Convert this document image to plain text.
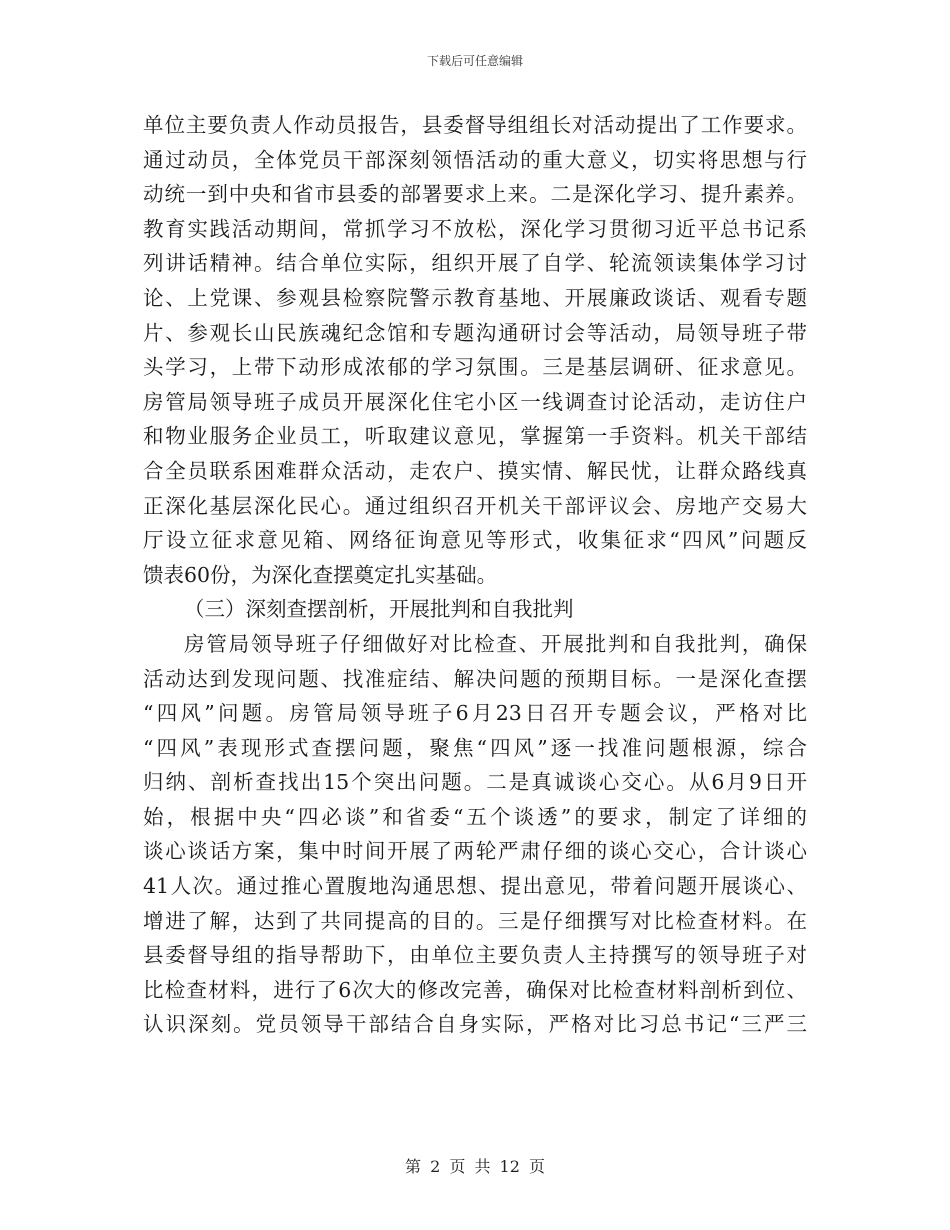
下载后可任意编辑
单位主要负责人作动员报告，县委督导组组长对活动提出了工作要求。
通过动员，全体党员干部深刻领悟活动的重大意义，切实将思想与行
动统一到中央和省市县委的部署要求上来。二是深化学习、提升素养。
教育实践活动期间，常抓学习不放松，深化学习贯彻习近平总书记系
列讲话精神。结合单位实际，组织开展了自学、轮流领读集体学习讨
论、上党课、参观县检察院警示教育基地、开展廉政谈话、观看专题
片、参观长山民族魂纪念馆和专题沟通研讨会等活动，局领导班子带
头学习，上带下动形成浓郁的学习氛围。三是基层调研、征求意见。
房管局领导班子成员开展深化住宅小区一线调查讨论活动，走访住户
和物业服务企业员工，听取建议意见，掌握第一手资料。机关干部结
合全员联系困难群众活动，走农户、摸实情、解民忧，让群众路线真
正深化基层深化民心。通过组织召开机关干部评议会、房地产交易大
厅设立征求意见箱、网络征询意见等形式，收集征求“四风”问题反
馈表60份，为深化查摆奠定扎实基础。
（三）深刻查摆剖析，开展批判和自我批判
房管局领导班子仔细做好对比检查、开展批判和自我批判，确保
活动达到发现问题、找准症结、解决问题的预期目标。一是深化查摆
“四风”问题。房管局领导班子6月23日召开专题会议，严格对比
“四风”表现形式查摆问题，聚焦“四风”逐一找准问题根源，综合
归纳、剖析查找出15个突出问题。二是真诚谈心交心。从6月9日开
始，根据中央“四必谈”和省委“五个谈透”的要求，制定了详细的
谈心谈话方案，集中时间开展了两轮严肃仔细的谈心交心，合计谈心
41人次。通过推心置腹地沟通思想、提出意见，带着问题开展谈心、
增进了解，达到了共同提高的目的。三是仔细撰写对比检查材料。在
县委督导组的指导帮助下，由单位主要负责人主持撰写的领导班子对
比检查材料，进行了6次大的修改完善，确保对比检查材料剖析到位、
认识深刻。党员领导干部结合自身实际，严格对比习总书记“三严三
第 2 页 共 12 页
